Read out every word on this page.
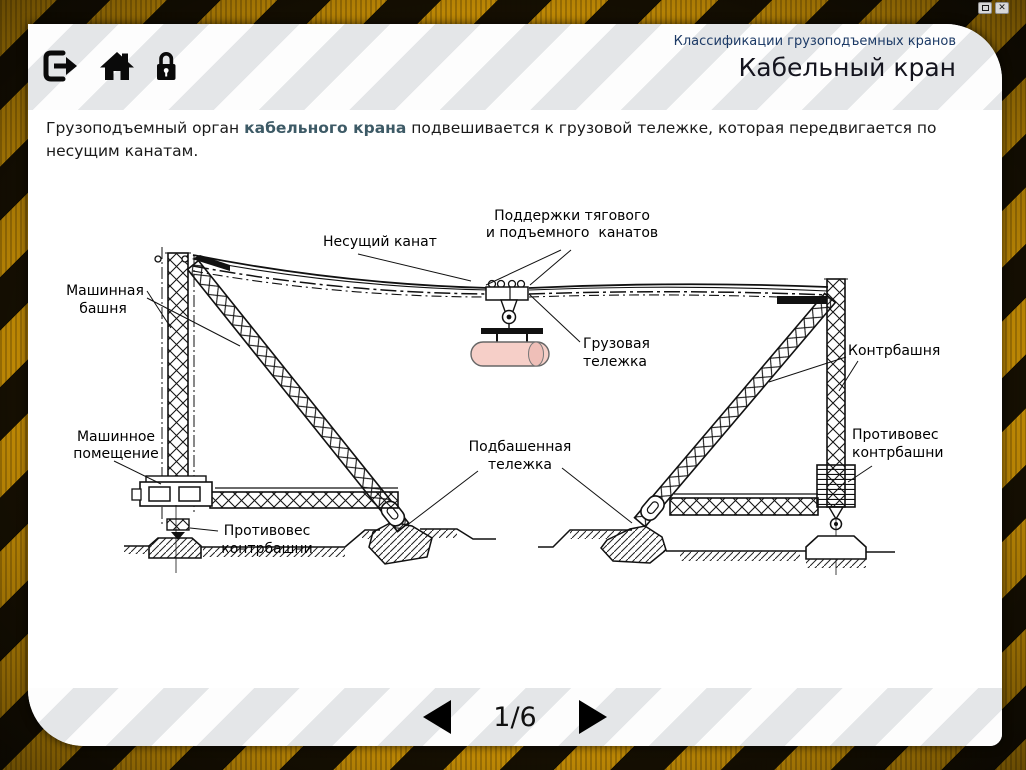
✕
Классификации грузоподъемных кранов
Кабельный кран
Грузоподъемный орган кабельного крана подвешивается к грузовой тележке, которая передвигается по несущим канатам.
Несущий канат
Поддержки тягового
и подъемного  канатов
Грузовая
тележка
Машинная
башня
Машинное
помещение
Противовес
контрбашни
Подбашенная
тележка
Контрбашня
Противовес
контрбашни
1/6
